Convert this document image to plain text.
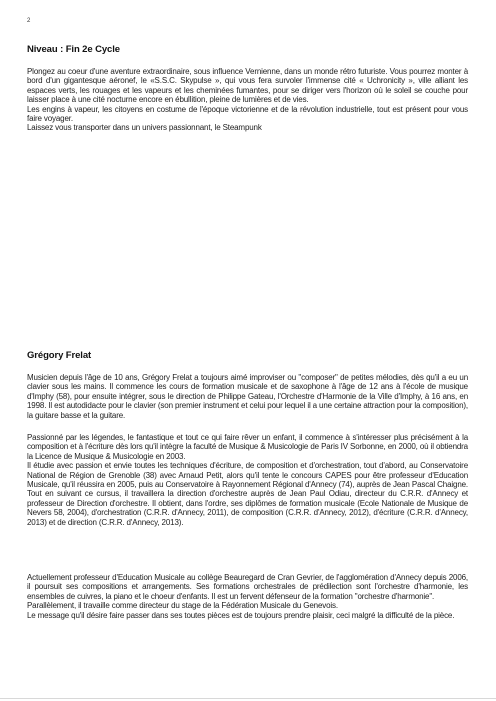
2
Niveau : Fin 2e Cycle

Plongez au coeur d'une aventure extraordinaire, sous influence Vernienne, dans un monde rétro futuriste. Vous pourrez monter à bord d'un gigantesque aéronef, le «S.S.C. Skypulse », qui vous fera survoler l'immense cité « Uchronicity », ville alliant les espaces verts, les rouages et les vapeurs et les cheminées fumantes, pour se diriger vers l'horizon où le soleil se couche pour laisser place à une cité nocturne encore en ébullition, pleine de lumières et de vies.

Les engins à vapeur, les citoyens en costume de l'époque victorienne et de la révolution industrielle, tout est présent pour vous faire voyager.

Laissez vous transporter dans un univers passionnant, le Steampunk

Grégory Frelat

Musicien depuis l'âge de 10 ans, Grégory Frelat a toujours aimé improviser ou "composer" de petites mélodies, dès qu'il a eu un clavier sous les mains. Il commence les cours de formation musicale et de saxophone à l'âge de 12 ans à l'école de musique d'Imphy (58), pour ensuite intégrer, sous le direction de Philippe Gateau, l'Orchestre d'Harmonie de la Ville d'Imphy, à 16 ans, en 1998. Il est autodidacte pour le clavier (son premier instrument et celui pour lequel il a une certaine attraction pour la composition), la guitare basse et la guitare.

Passionné par les légendes, le fantastique et tout ce qui faire rêver un enfant, il commence à s'intéresser plus précisément à la composition et à l'écriture dès lors qu'il intègre la faculté de Musique & Musicologie de Paris IV Sorbonne, en 2000, où il obtiendra la Licence de Musique & Musicologie en 2003.

Il étudie avec passion et envie toutes les techniques d'écriture, de composition et d'orchestration, tout d'abord, au Conservatoire National de Région de Grenoble (38) avec Arnaud Petit, alors qu'il tente le concours CAPES pour être professeur d'Education Musicale, qu'il réussira en 2005, puis au Conservatoire à Rayonnement Régional d'Annecy (74), auprès de Jean Pascal Chaigne. Tout en suivant ce cursus, il travaillera la direction d'orchestre auprès de Jean Paul Odiau, directeur du C.R.R. d'Annecy et professeur de Direction d'orchestre. Il obtient, dans l'ordre, ses diplômes de formation musicale (Ecole Nationale de Musique de Nevers 58, 2004), d'orchestration (C.R.R. d'Annecy, 2011), de composition (C.R.R. d'Annecy, 2012), d'écriture (C.R.R. d'Annecy, 2013) et de direction (C.R.R. d'Annecy, 2013).

Actuellement professeur d'Education Musicale au collège Beauregard de Cran Gevrier, de l'agglomération d'Annecy depuis 2006, il poursuit ses compositions et arrangements. Ses formations orchestrales de prédilection sont l'orchestre d'harmonie, les ensembles de cuivres, la piano et le choeur d'enfants. Il est un fervent défenseur de la formation "orchestre d'harmonie".

Parallèlement, il travaille comme directeur du stage de la Fédération Musicale du Genevois.

Le message qu'il désire faire passer dans ses toutes pièces est de toujours prendre plaisir, ceci malgré la difficulté de la pièce.
